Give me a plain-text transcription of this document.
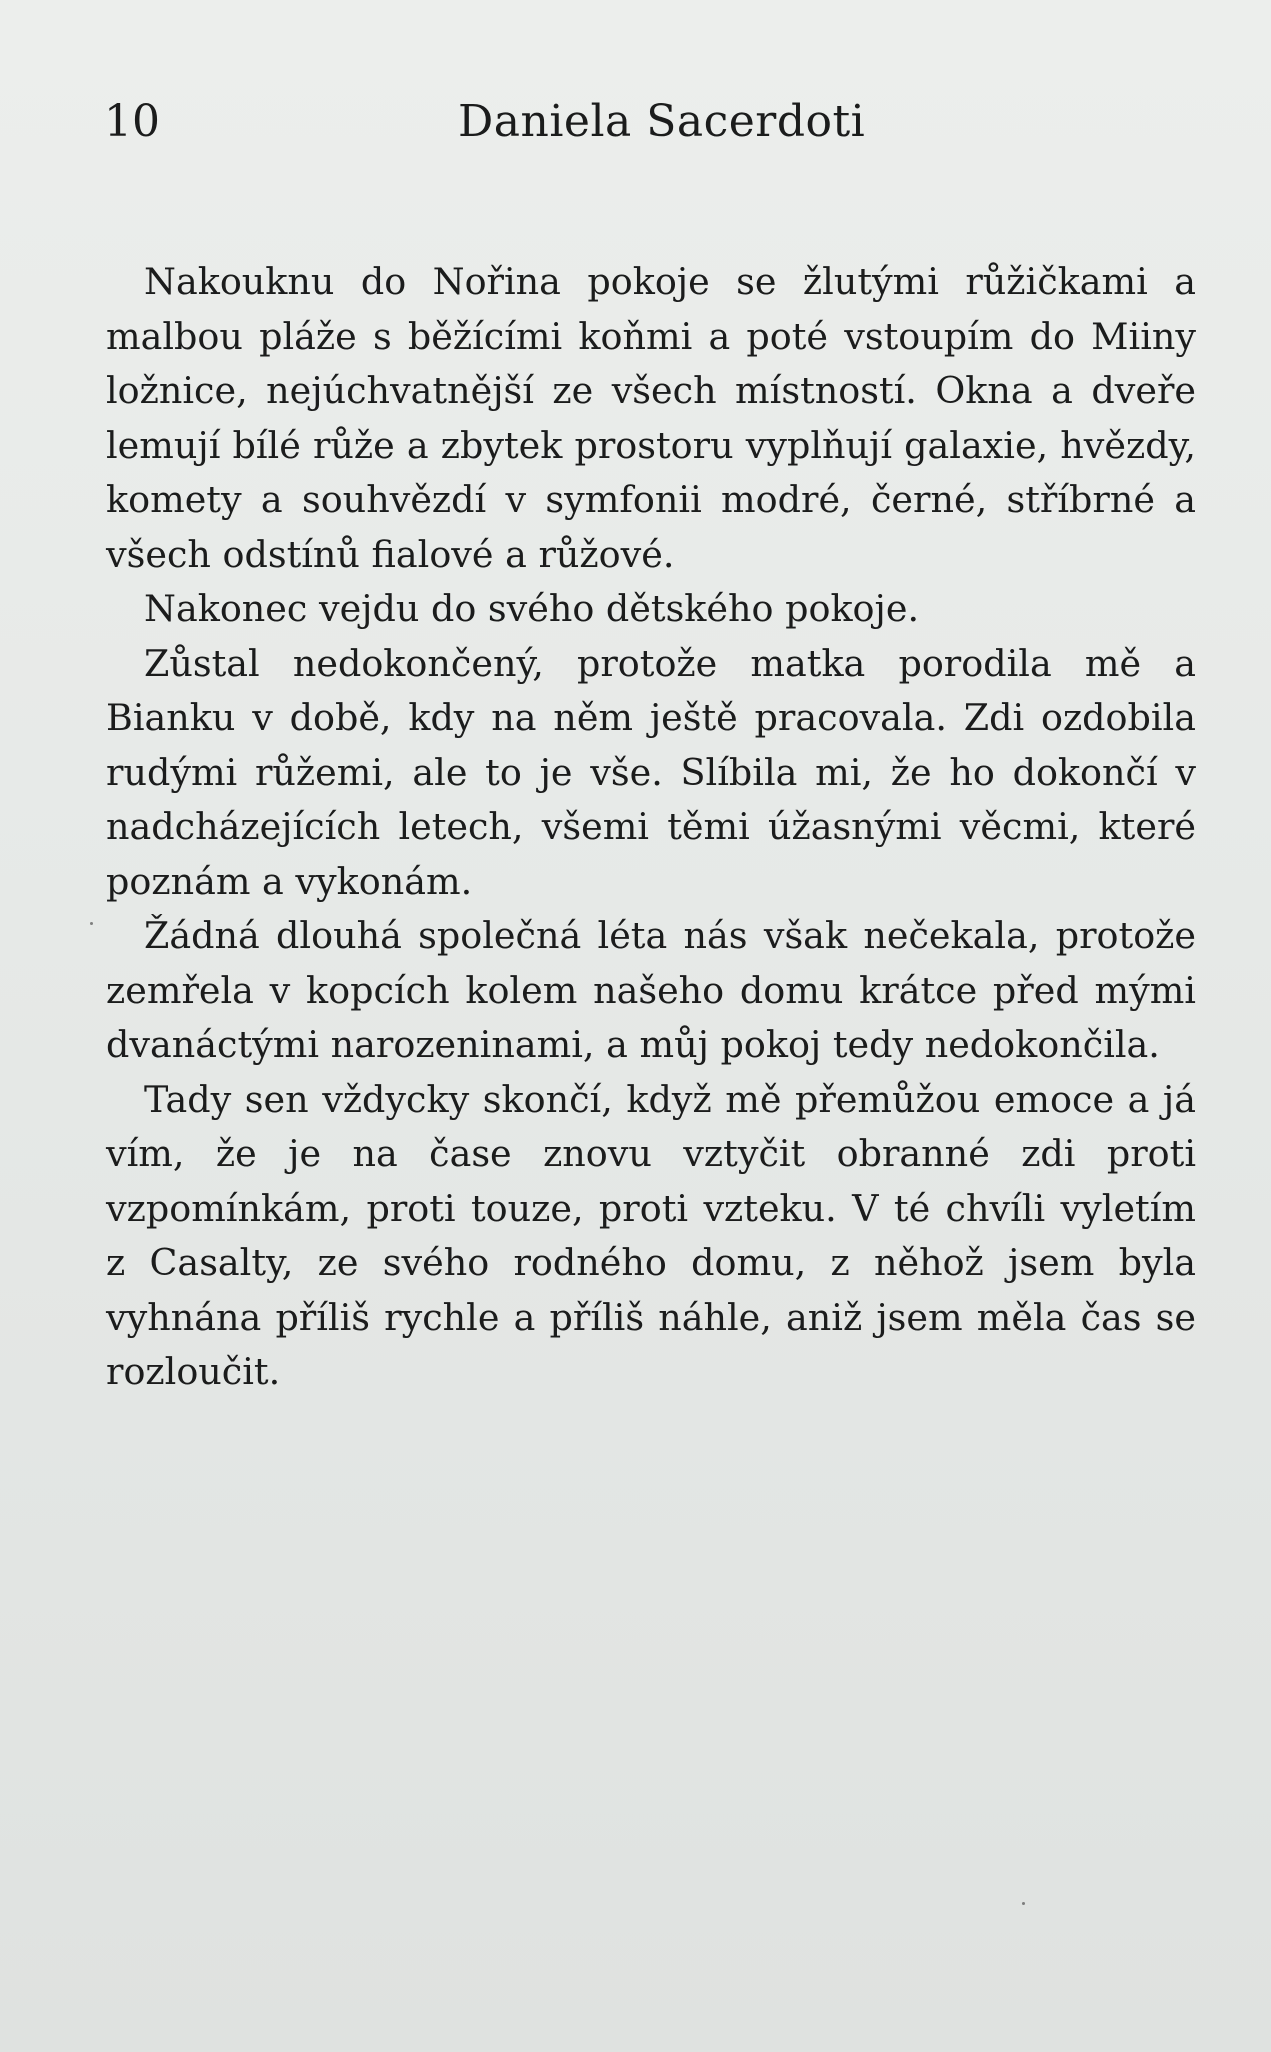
10	Daniela Sacerdoti

Nakouknu do Nořina pokoje se žlutými růžičkami a malbou pláže s běžícími koňmi a poté vstoupím do Miiny ložnice, nejúchvatnější ze všech místností. Okna a dveře lemují bílé růže a zbytek prostoru vyplňují galaxie, hvězdy, komety a souhvězdí v symfonii modré, černé, stříbrné a všech odstínů fialové a růžové.

Nakonec vejdu do svého dětského pokoje.

Zůstal nedokončený, protože matka porodila mě a Bianku v době, kdy na něm ještě pracovala. Zdi ozdobila rudými růžemi, ale to je vše. Slíbila mi, že ho dokončí v nadcházejících letech, všemi těmi úžasnými věcmi, které poznám a vykonám.

Žádná dlouhá společná léta nás však nečekala, protože zemřela v kopcích kolem našeho domu krátce před mými dvanáctými narozeninami, a můj pokoj tedy nedokončila.

Tady sen vždycky skončí, když mě přemůžou emoce a já vím, že je na čase znovu vztyčit obranné zdi proti vzpomínkám, proti touze, proti vzteku. V té chvíli vyletím z Casalty, ze svého rodného domu, z něhož jsem byla vyhnána příliš rychle a příliš náhle, aniž jsem měla čas se rozloučit.
